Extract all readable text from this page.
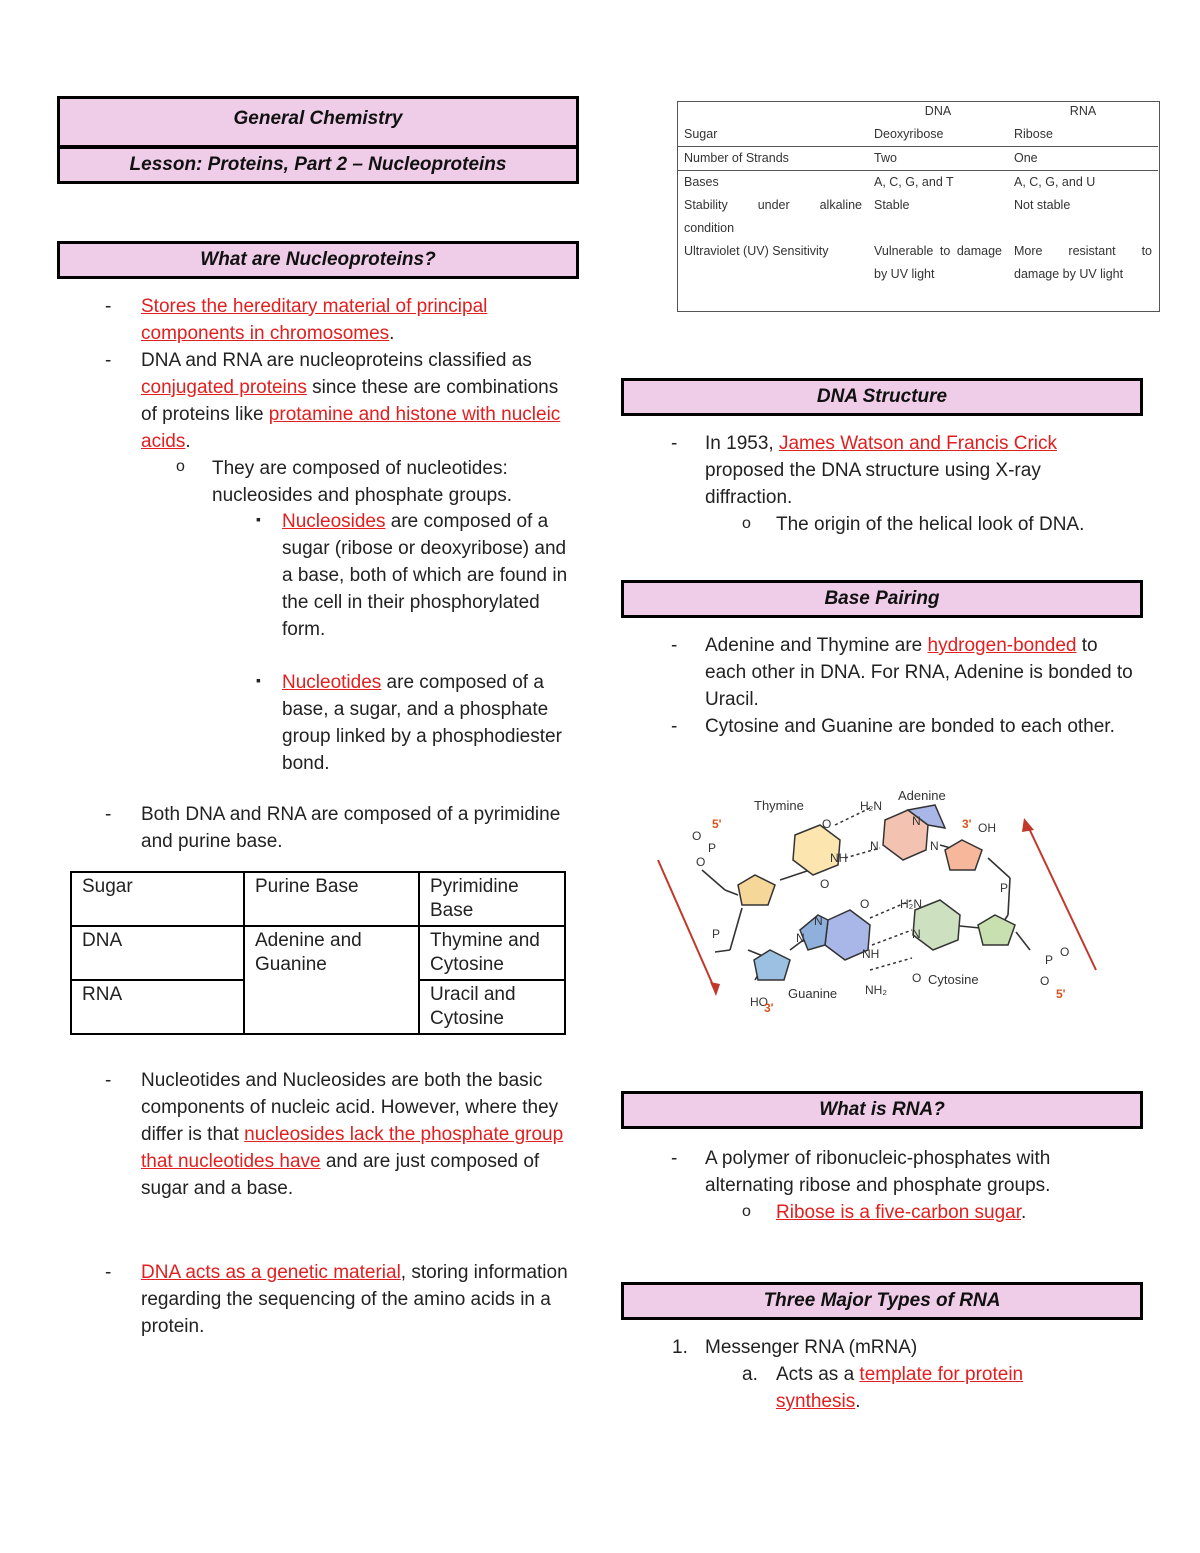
General Chemistry
Lesson: Proteins, Part 2 – Nucleoproteins
What are Nucleoproteins?
- Stores the hereditary material of principal components in chromosomes.
- DNA and RNA are nucleoproteins classified as conjugated proteins since these are combinations of proteins like protamine and histone with nucleic acids.
o They are composed of nucleotides: nucleosides and phosphate groups.
▪ Nucleosides are composed of a sugar (ribose or deoxyribose) and a base, both of which are found in the cell in their phosphorylated form.
▪ Nucleotides are composed of a base, a sugar, and a phosphate group linked by a phosphodiester bond.
- Both DNA and RNA are composed of a pyrimidine and purine base.
Sugar	Purine Base	Pyrimidine Base
DNA	Adenine and Guanine	Thymine and Cytosine
RNA		Uracil and Cytosine
- Nucleotides and Nucleosides are both the basic components of nucleic acid. However, where they differ is that nucleosides lack the phosphate group that nucleotides have and are just composed of sugar and a base.
- DNA acts as a genetic material, storing information regarding the sequencing of the amino acids in a protein.
	DNA	RNA
Sugar	Deoxyribose	Ribose
Number of Strands	Two	One
Bases	A, C, G, and T	A, C, G, and U
Stability under alkaline condition	Stable	Not stable
Ultraviolet (UV) Sensitivity	Vulnerable to damage by UV light	More resistant to damage by UV light
DNA Structure
- In 1953, James Watson and Francis Crick proposed the DNA structure using X-ray diffraction.
o The origin of the helical look of DNA.
Base Pairing
- Adenine and Thymine are hydrogen-bonded to each other in DNA. For RNA, Adenine is bonded to Uracil.
- Cytosine and Guanine are bonded to each other.
P
P
P
P
O
O
O
O
O
O
O
O
N
N
N
N
N
N
NH
NH
H₂N
H₂N
NH₂
OH
HO
Thymine
Adenine
Cytosine
Guanine
5'	3'
3'
5'
What is RNA?
- A polymer of ribonucleic-phosphates with alternating ribose and phosphate groups.
o Ribose is a five-carbon sugar.
Three Major Types of RNA
1. Messenger RNA (mRNA)
a. Acts as a template for protein synthesis.
